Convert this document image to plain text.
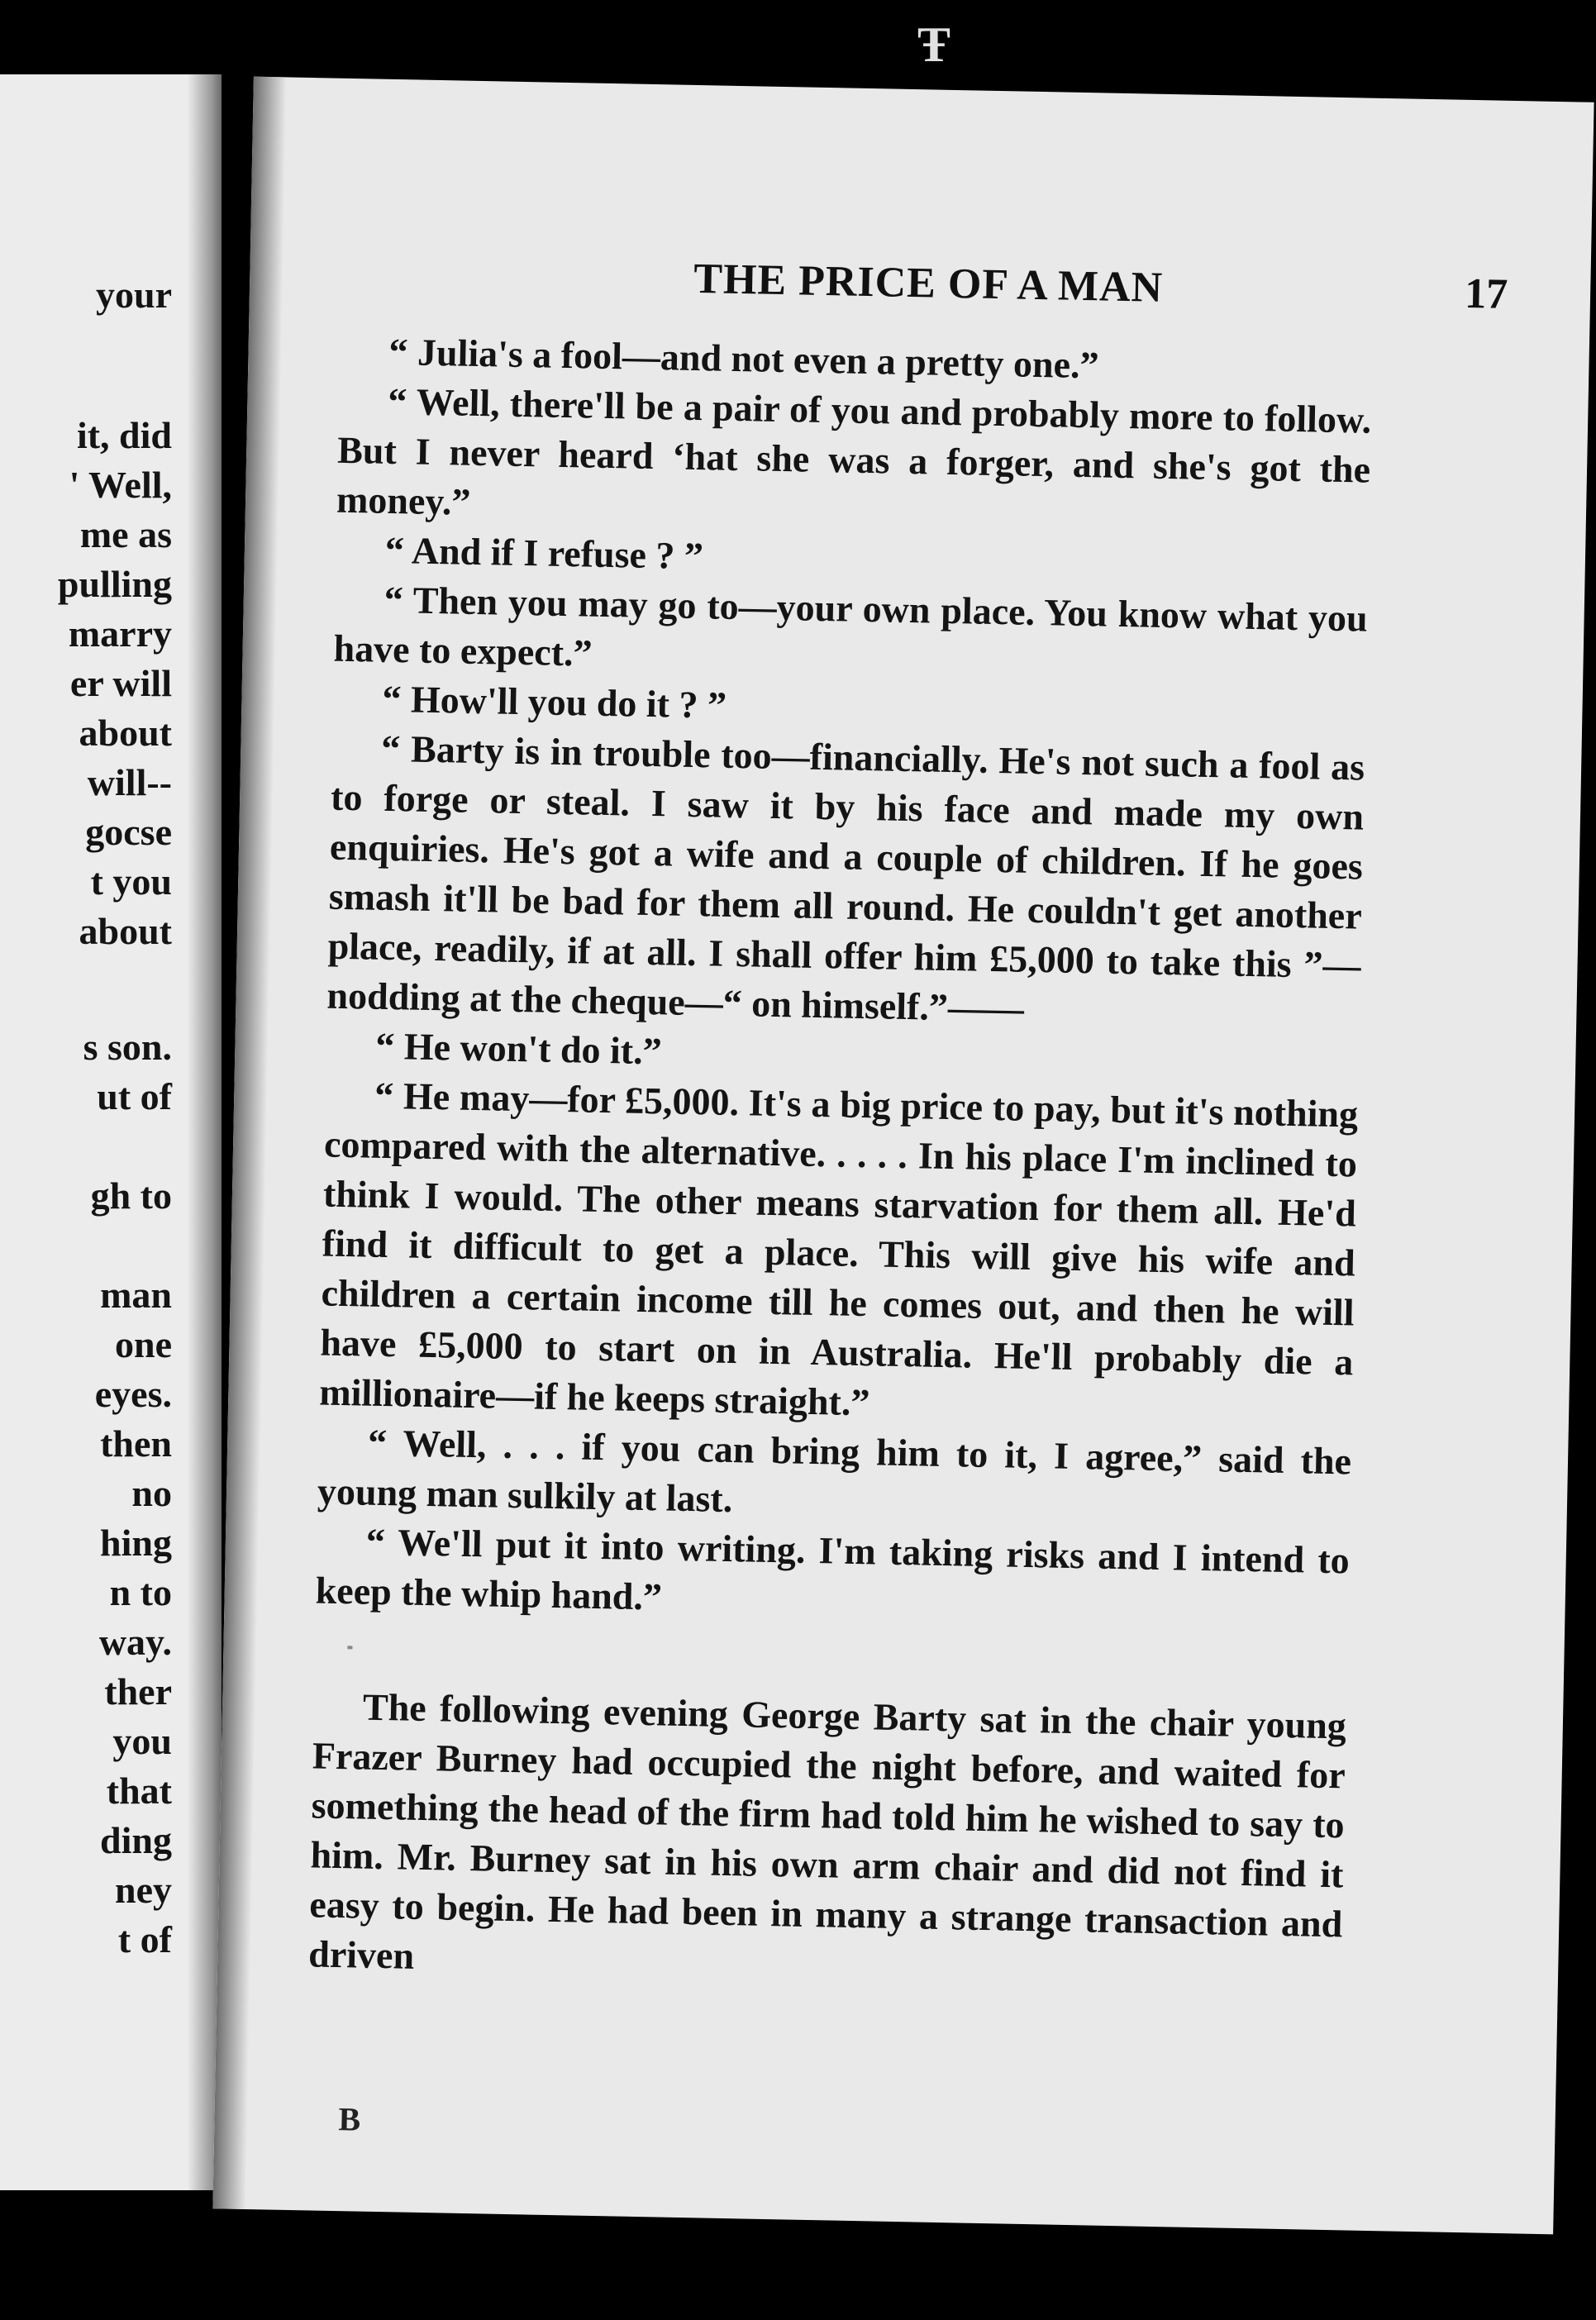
Ŧ
your
it, did
' Well,
me as
pulling
marry
er will
about
will--
gocse
t you
about
s son.
ut of
gh to
man
one
eyes.
then
no
hing
n to
way.
ther
you
that
ding
ney
t of
THE PRICE OF A MAN	17

“ Julia's a fool—and not even a pretty one.”

“ Well, there'll be a pair of you and probably more to follow. But I never heard ‘hat she was a forger, and she's got the money.”

“ And if I refuse ? ”

“ Then you may go to—your own place. You know what you have to expect.”

“ How'll you do it ? ”

“ Barty is in trouble too—financially. He's not such a fool as to forge or steal. I saw it by his face and made my own enquiries. He's got a wife and a couple of children. If he goes smash it'll be bad for them all round. He couldn't get another place, readily, if at all. I shall offer him £5,000 to take this ”—nodding at the cheque—“ on himself.”——

“ He won't do it.”

“ He may—for £5,000. It's a big price to pay, but it's nothing compared with the alternative. . . . . In his place I'm inclined to think I would. The other means starvation for them all. He'd find it difficult to get a place. This will give his wife and children a certain income till he comes out, and then he will have £5,000 to start on in Australia. He'll probably die a millionaire—if he keeps straight.”

“ Well, . . . if you can bring him to it, I agree,” said the young man sulkily at last.

“ We'll put it into writing. I'm taking risks and I intend to keep the whip hand.”

The following evening George Barty sat in the chair young Frazer Burney had occupied the night before, and waited for something the head of the firm had told him he wished to say to him. Mr. Burney sat in his own arm chair and did not find it easy to begin. He had been in many a strange transaction and driven

B
